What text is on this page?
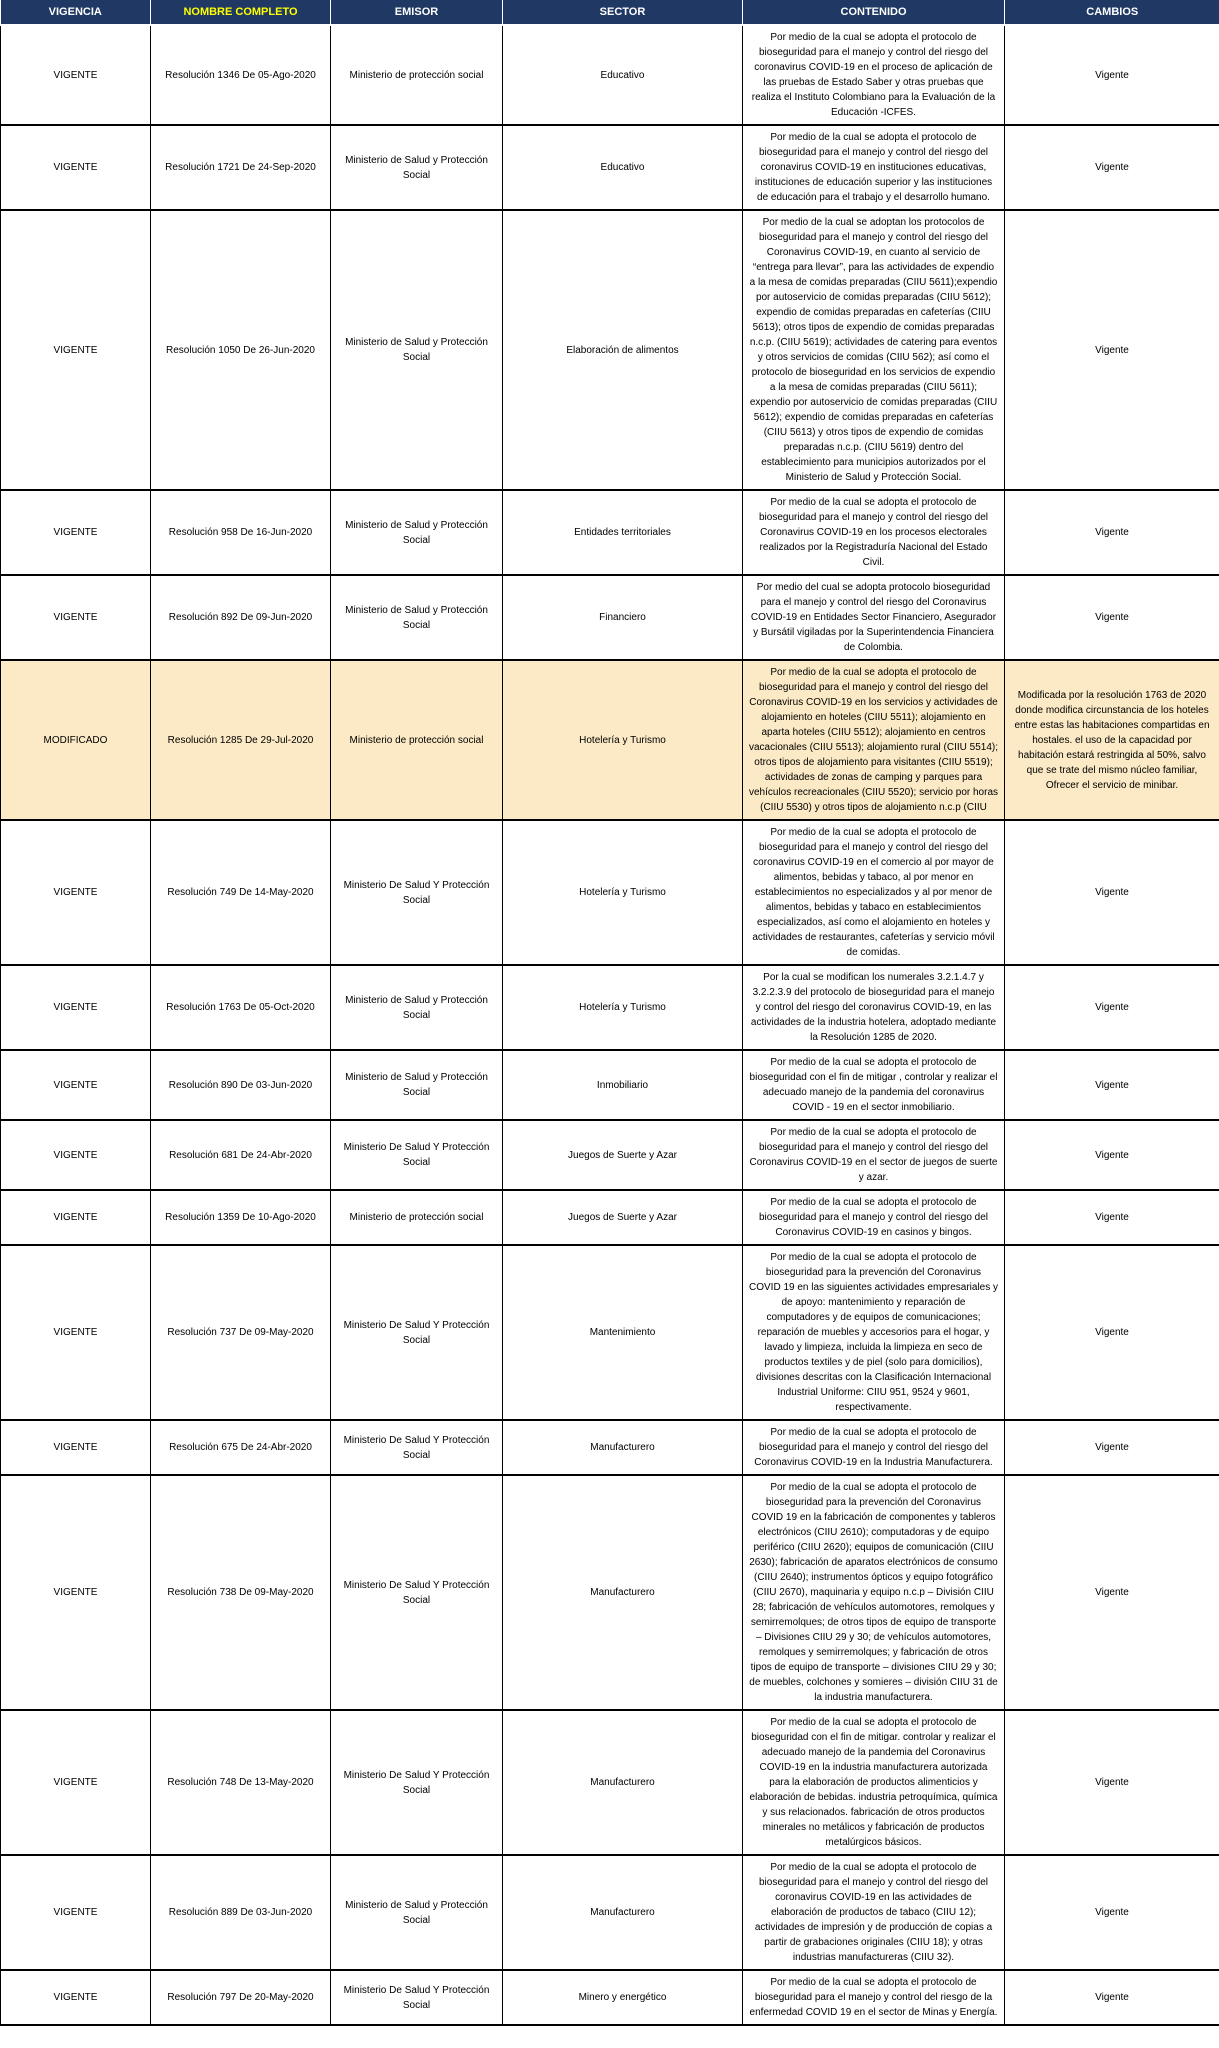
VIGENCIA	NOMBRE COMPLETO	EMISOR	SECTOR	CONTENIDO	CAMBIOS
VIGENTE	Resolución 1346 De 05-Ago-2020	Ministerio de protección social	Educativo	Por medio de la cual se adopta el protocolo de bioseguridad para el manejo y control del riesgo del coronavirus COVID-19 en el proceso de aplicación de las pruebas de Estado Saber y otras pruebas que realiza el Instituto Colombiano para la Evaluación de la Educación -ICFES.	Vigente
VIGENTE	Resolución 1721 De 24-Sep-2020	Ministerio de Salud y Protección Social	Educativo	Por medio de la cual se adopta el protocolo de bioseguridad para el manejo y control del riesgo del coronavirus COVID-19 en instituciones educativas, instituciones de educación superior y las instituciones de educación para el trabajo y el desarrollo humano.	Vigente
VIGENTE	Resolución 1050 De 26-Jun-2020	Ministerio de Salud y Protección Social	Elaboración de alimentos	Por medio de la cual se adoptan los protocolos de bioseguridad para el manejo y control del riesgo del Coronavirus COVID-19, en cuanto al servicio de “entrega para llevar”, para las actividades de expendio a la mesa de comidas preparadas (CIIU 5611);expendio por autoservicio de comidas preparadas (CIIU 5612); expendio de comidas preparadas en cafeterías (CIIU 5613); otros tipos de expendio de comidas preparadas n.c.p. (CIIU 5619); actividades de catering para eventos y otros servicios de comidas (CIIU 562); así como el protocolo de bioseguridad en los servicios de expendio a la mesa de comidas preparadas (CIIU 5611); expendio por autoservicio de comidas preparadas (CIIU 5612); expendio de comidas preparadas en cafeterías (CIIU 5613) y otros tipos de expendio de comidas preparadas n.c.p. (CIIU 5619) dentro del establecimiento para municipios autorizados por el Ministerio de Salud y Protección Social.	Vigente
VIGENTE	Resolución 958 De 16-Jun-2020	Ministerio de Salud y Protección Social	Entidades territoriales	Por medio de la cual se adopta el protocolo de bioseguridad para el manejo y control del riesgo del Coronavirus COVID-19 en los procesos electorales realizados por la Registraduría Nacional del Estado Civil.	Vigente
VIGENTE	Resolución 892 De 09-Jun-2020	Ministerio de Salud y Protección Social	Financiero	Por medio del cual se adopta protocolo bioseguridad para el manejo y control del riesgo del Coronavirus COVID-19 en Entidades Sector Financiero, Asegurador y Bursátil vigiladas por la Superintendencia Financiera de Colombia.	Vigente
MODIFICADO	Resolución 1285 De 29-Jul-2020	Ministerio de protección social	Hotelería y Turismo	Por medio de la cual se adopta el protocolo de bioseguridad para el manejo y control del riesgo del Coronavirus COVID-19 en los servicios y actividades de alojamiento en hoteles (CIIU 5511); alojamiento en aparta hoteles (CIIU 5512); alojamiento en centros vacacionales (CIIU 5513); alojamiento rural (CIIU 5514); otros tipos de alojamiento para visitantes (CIIU 5519); actividades de zonas de camping y parques para vehículos recreacionales (CIIU 5520); servicio por horas (CIIU 5530) y otros tipos de alojamiento n.c.p (CIIU	Modificada por la resolución 1763 de 2020 donde modifica circunstancia de los hoteles entre estas las habitaciones compartidas en hostales. el uso de la capacidad por habitación estará restringida al 50%, salvo que se trate del mismo núcleo familiar, Ofrecer el servicio de minibar.
VIGENTE	Resolución 749 De 14-May-2020	Ministerio De Salud Y Protección Social	Hotelería y Turismo	Por medio de la cual se adopta el protocolo de bioseguridad para el manejo y control del riesgo del coronavirus COVID-19 en el comercio al por mayor de alimentos, bebidas y tabaco, al por menor en establecimientos no especializados y al por menor de alimentos, bebidas y tabaco en establecimientos especializados, así como el alojamiento en hoteles y actividades de restaurantes, cafeterías y servicio móvil de comidas.	Vigente
VIGENTE	Resolución 1763 De 05-Oct-2020	Ministerio de Salud y Protección Social	Hotelería y Turismo	Por la cual se modifican los numerales 3.2.1.4.7 y 3.2.2.3.9 del protocolo de bioseguridad para el manejo y control del riesgo del coronavirus COVID-19, en las actividades de la industria hotelera, adoptado mediante la Resolución 1285 de 2020.	Vigente
VIGENTE	Resolución 890 De 03-Jun-2020	Ministerio de Salud y Protección Social	Inmobiliario	Por medio de la cual se adopta el protocolo de bioseguridad con el fin de mitigar , controlar y realizar el adecuado manejo de la pandemia del coronavirus COVID - 19 en el sector inmobiliario.	Vigente
VIGENTE	Resolución 681 De 24-Abr-2020	Ministerio De Salud Y Protección Social	Juegos de Suerte y Azar	Por medio de la cual se adopta el protocolo de bioseguridad para el manejo y control del riesgo del Coronavirus COVID-19 en el sector de juegos de suerte y azar.	Vigente
VIGENTE	Resolución 1359 De 10-Ago-2020	Ministerio de protección social	Juegos de Suerte y Azar	Por medio de la cual se adopta el protocolo de bioseguridad para el manejo y control del riesgo del Coronavirus COVID-19 en casinos y bingos.	Vigente
VIGENTE	Resolución 737 De 09-May-2020	Ministerio De Salud Y Protección Social	Mantenimiento	Por medio de la cual se adopta el protocolo de bioseguridad para la prevención del Coronavirus COVID 19 en las siguientes actividades empresariales y de apoyo: mantenimiento y reparación de computadores y de equipos de comunicaciones; reparación de muebles y accesorios para el hogar, y lavado y limpieza, incluida la limpieza en seco de productos textiles y de piel (solo para domicilios), divisiones descritas con la Clasificación Internacional Industrial Uniforme: CIIU 951, 9524 y 9601, respectivamente.	Vigente
VIGENTE	Resolución 675 De 24-Abr-2020	Ministerio De Salud Y Protección Social	Manufacturero	Por medio de la cual se adopta el protocolo de bioseguridad para el manejo y control del riesgo del Coronavirus COVID-19 en la Industria Manufacturera.	Vigente
VIGENTE	Resolución 738 De 09-May-2020	Ministerio De Salud Y Protección Social	Manufacturero	Por medio de la cual se adopta el protocolo de bioseguridad para la prevención del Coronavirus COVID 19 en la fabricación de componentes y tableros electrónicos (CIIU 2610); computadoras y de equipo periférico (CIIU 2620); equipos de comunicación (CIIU 2630); fabricación de aparatos electrónicos de consumo (CIIU 2640); instrumentos ópticos y equipo fotográfico (CIIU 2670), maquinaria y equipo n.c.p – División CIIU 28; fabricación de vehículos automotores, remolques y semirremolques; de otros tipos de equipo de transporte – Divisiones CIIU 29 y 30; de vehículos automotores, remolques y semirremolques; y fabricación de otros tipos de equipo de transporte – divisiones CIIU 29 y 30; de muebles, colchones y somieres – división CIIU 31 de la industria manufacturera.	Vigente
VIGENTE	Resolución 748 De 13-May-2020	Ministerio De Salud Y Protección Social	Manufacturero	Por medio de la cual se adopta el protocolo de bioseguridad con el fin de mitigar. controlar y realizar el adecuado manejo de la pandemia del Coronavirus COVID-19 en la industria manufacturera autorizada para la elaboración de productos alimenticios y elaboración de bebidas. industria petroquímica, química y sus relacionados. fabricación de otros productos minerales no metálicos y fabricación de productos metalúrgicos básicos.	Vigente
VIGENTE	Resolución 889 De 03-Jun-2020	Ministerio de Salud y Protección Social	Manufacturero	Por medio de la cual se adopta el protocolo de bioseguridad para el manejo y control del riesgo del coronavirus COVID-19 en las actividades de elaboración de productos de tabaco (CIIU 12); actividades de impresión y de producción de copias a partir de grabaciones originales (CIIU 18); y otras industrias manufactureras (CIIU 32).	Vigente
VIGENTE	Resolución 797 De 20-May-2020	Ministerio De Salud Y Protección Social	Minero y energético	Por medio de la cual se adopta el protocolo de bioseguridad para el manejo y control del riesgo de la enfermedad COVID 19 en el sector de Minas y Energía.	Vigente
